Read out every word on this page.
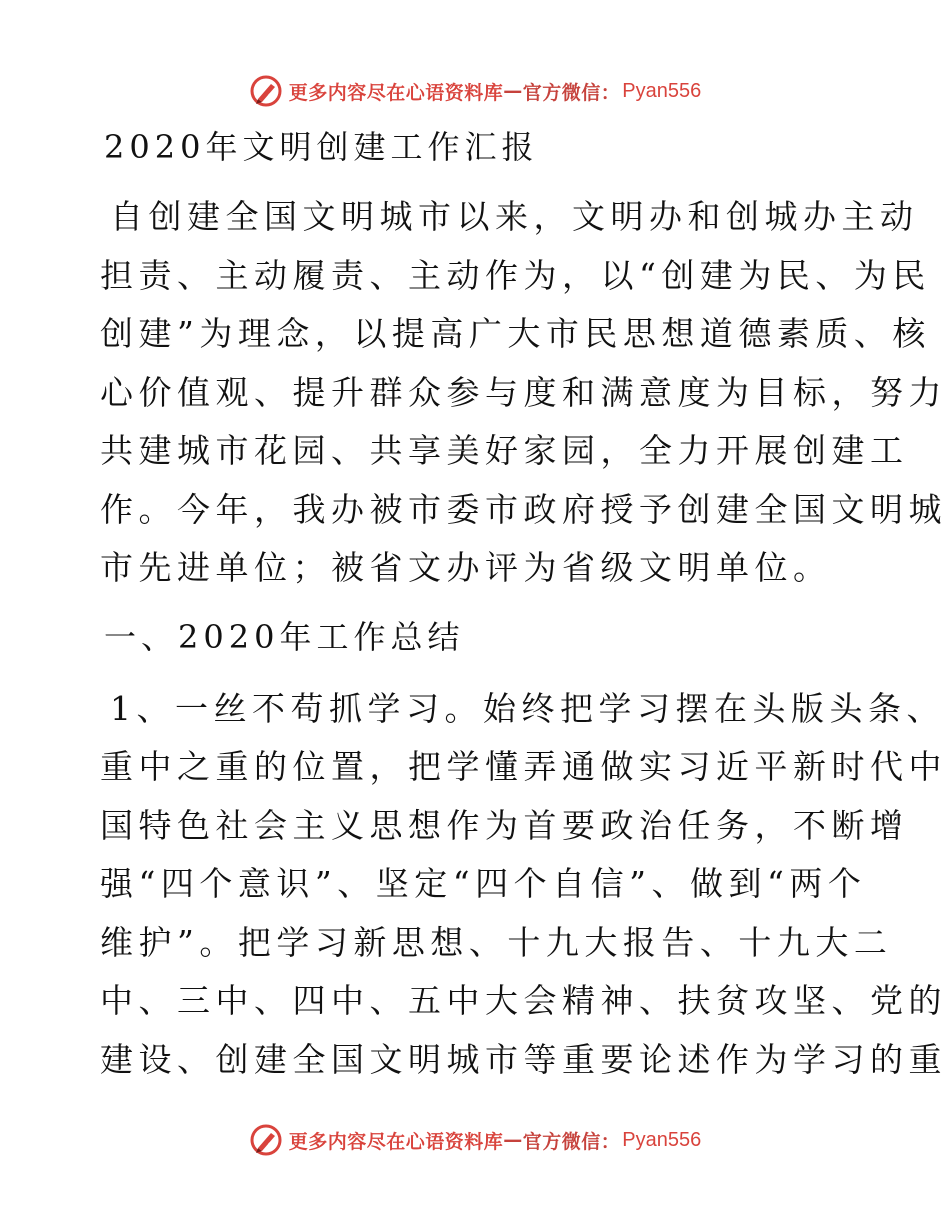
更多内容尽在心语资料库 — 官方微信： Pyan556
2020年文明创建工作汇报
自创建全国文明城市以来，文明办和创城办主动
担责、主动履责、主动作为，以“创建为民、为民
创建”为理念，以提高广大市民思想道德素质、核
心价值观、提升群众参与度和满意度为目标，努力
共建城市花园、共享美好家园，全力开展创建工
作。今年，我办被市委市政府授予创建全国文明城
市先进单位；被省文办评为省级文明单位。
一、2020年工作总结
1、一丝不苟抓学习。始终把学习摆在头版头条、
重中之重的位置，把学懂弄通做实习近平新时代中
国特色社会主义思想作为首要政治任务，不断增
强“四个意识”、坚定“四个自信”、做到“两个
维护”。把学习新思想、十九大报告、十九大二
中、三中、四中、五中大会精神、扶贫攻坚、党的
建设、创建全国文明城市等重要论述作为学习的重
更多内容尽在心语资料库 — 官方微信： Pyan556
